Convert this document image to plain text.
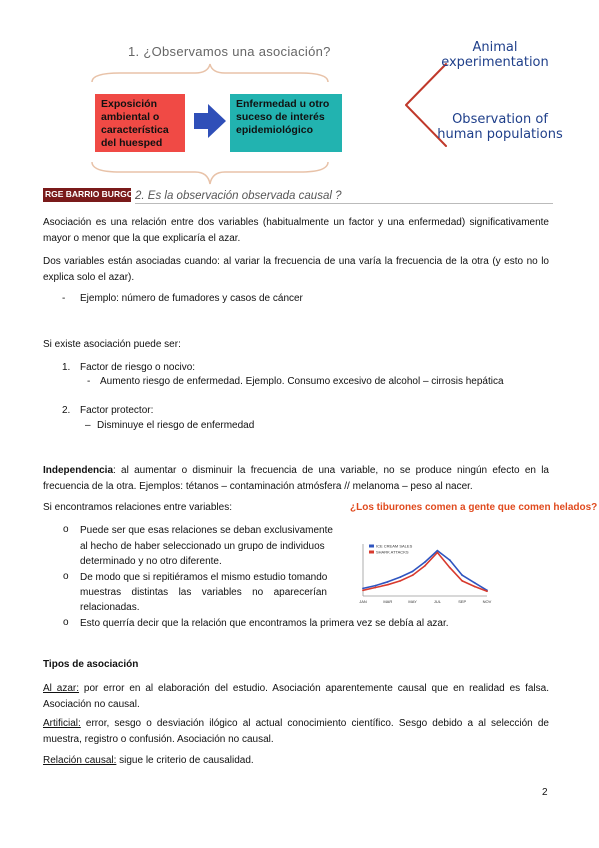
1. ¿Observamos una asociación?
Exposición ambiental o característica del huesped
Enfermedad u otro suceso de interés epidemiológico
Animal experimentation
Observation of human populations
RGE BARRIO BURGOS
2. Es la observación observada causal ?
Asociación es una relación entre dos variables (habitualmente un factor y una enfermedad) significativamente mayor o menor que la que explicaría el azar.
Dos variables están asociadas cuando: al variar la frecuencia de una varía la frecuencia de la otra (y esto no lo explica solo el azar).
- Ejemplo: número de fumadores y casos de cáncer
Si existe asociación puede ser:
1. Factor de riesgo o nocivo:
- Aumento riesgo de enfermedad. Ejemplo. Consumo excesivo de alcohol – cirrosis hepática
2. Factor protector:
– Disminuye el riesgo de enfermedad
Independencia: al aumentar o disminuir la frecuencia de una variable, no se produce ningún efecto en la frecuencia de la otra. Ejemplos: tétanos – contaminación atmósfera // melanoma – peso al nacer.
Si encontramos relaciones entre variables:	¿Los tiburones comen a gente que comen helados?
o Puede ser que esas relaciones se deban exclusivamente
al hecho de haber seleccionado un grupo de individuos
determinado y no otro diferente.
o De modo que si repitiéramos el mismo estudio tomando
muestras distintas las variables no aparecerían
relacionadas.
o Esto querría decir que la relación que encontramos la primera vez se debía al azar.
ICE CREAM SALES
SHARK ATTACKS
JAN	MAR	MAY	JUL	SEP	NOV
Tipos de asociación
Al azar: por error en al elaboración del estudio. Asociación aparentemente causal que en realidad es falsa. Asociación no causal.
Artificial: error, sesgo o desviación ilógico al actual conocimiento científico. Sesgo debido a al selección de muestra, registro o confusión. Asociación no causal.
Relación causal: sigue le criterio de causalidad.
2
